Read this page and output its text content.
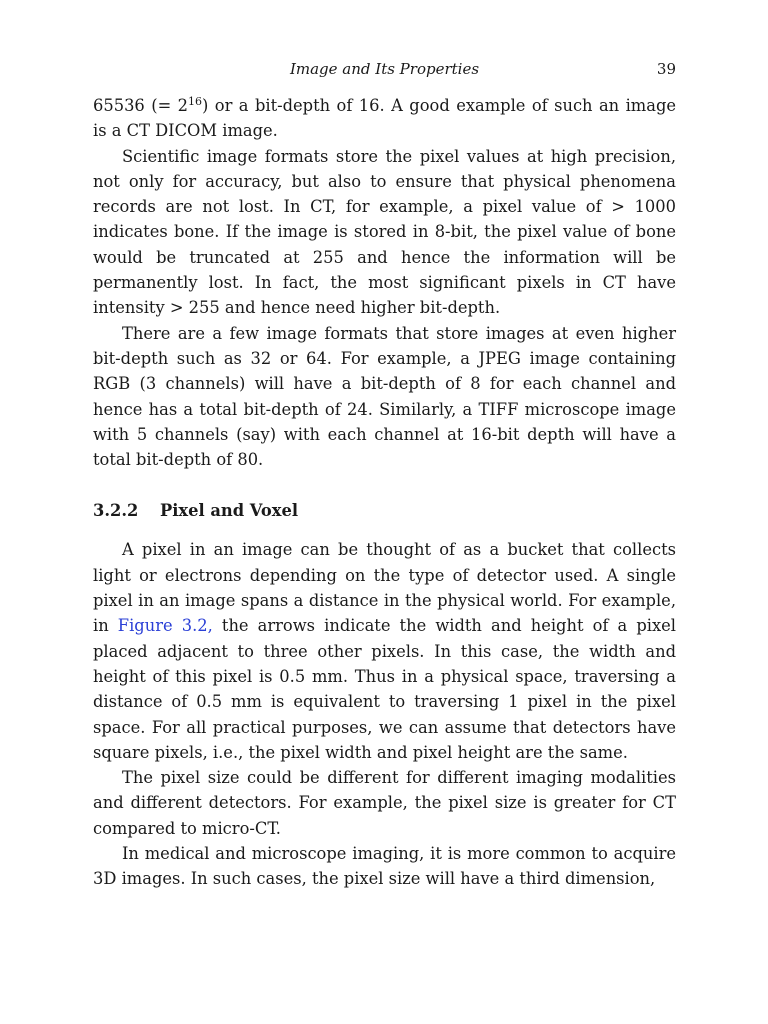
Image and Its Properties	39

65536 (= $2^{16}$) or a bit-depth of 16. A good example of such an image is a CT DICOM image.

Scientific image formats store the pixel values at high precision, not only for accuracy, but also to ensure that physical phenomena records are not lost. In CT, for example, a pixel value of > 1000 indicates bone. If the image is stored in 8-bit, the pixel value of bone would be truncated at 255 and hence the information will be permanently lost. In fact, the most significant pixels in CT have intensity > 255 and hence need higher bit-depth.

There are a few image formats that store images at even higher bit-depth such as 32 or 64. For example, a JPEG image containing RGB (3 channels) will have a bit-depth of 8 for each channel and hence has a total bit-depth of 24. Similarly, a TIFF microscope image with 5 channels (say) with each channel at 16-bit depth will have a total bit-depth of 80.

3.2.2 Pixel and Voxel

A pixel in an image can be thought of as a bucket that collects light or electrons depending on the type of detector used. A single pixel in an image spans a distance in the physical world. For example, in Figure 3.2, the arrows indicate the width and height of a pixel placed adjacent to three other pixels. In this case, the width and height of this pixel is 0.5 mm. Thus in a physical space, traversing a distance of 0.5 mm is equivalent to traversing 1 pixel in the pixel space. For all practical purposes, we can assume that detectors have square pixels, i.e., the pixel width and pixel height are the same.

The pixel size could be different for different imaging modalities and different detectors. For example, the pixel size is greater for CT compared to micro-CT.

In medical and microscope imaging, it is more common to acquire 3D images. In such cases, the pixel size will have a third dimension,
